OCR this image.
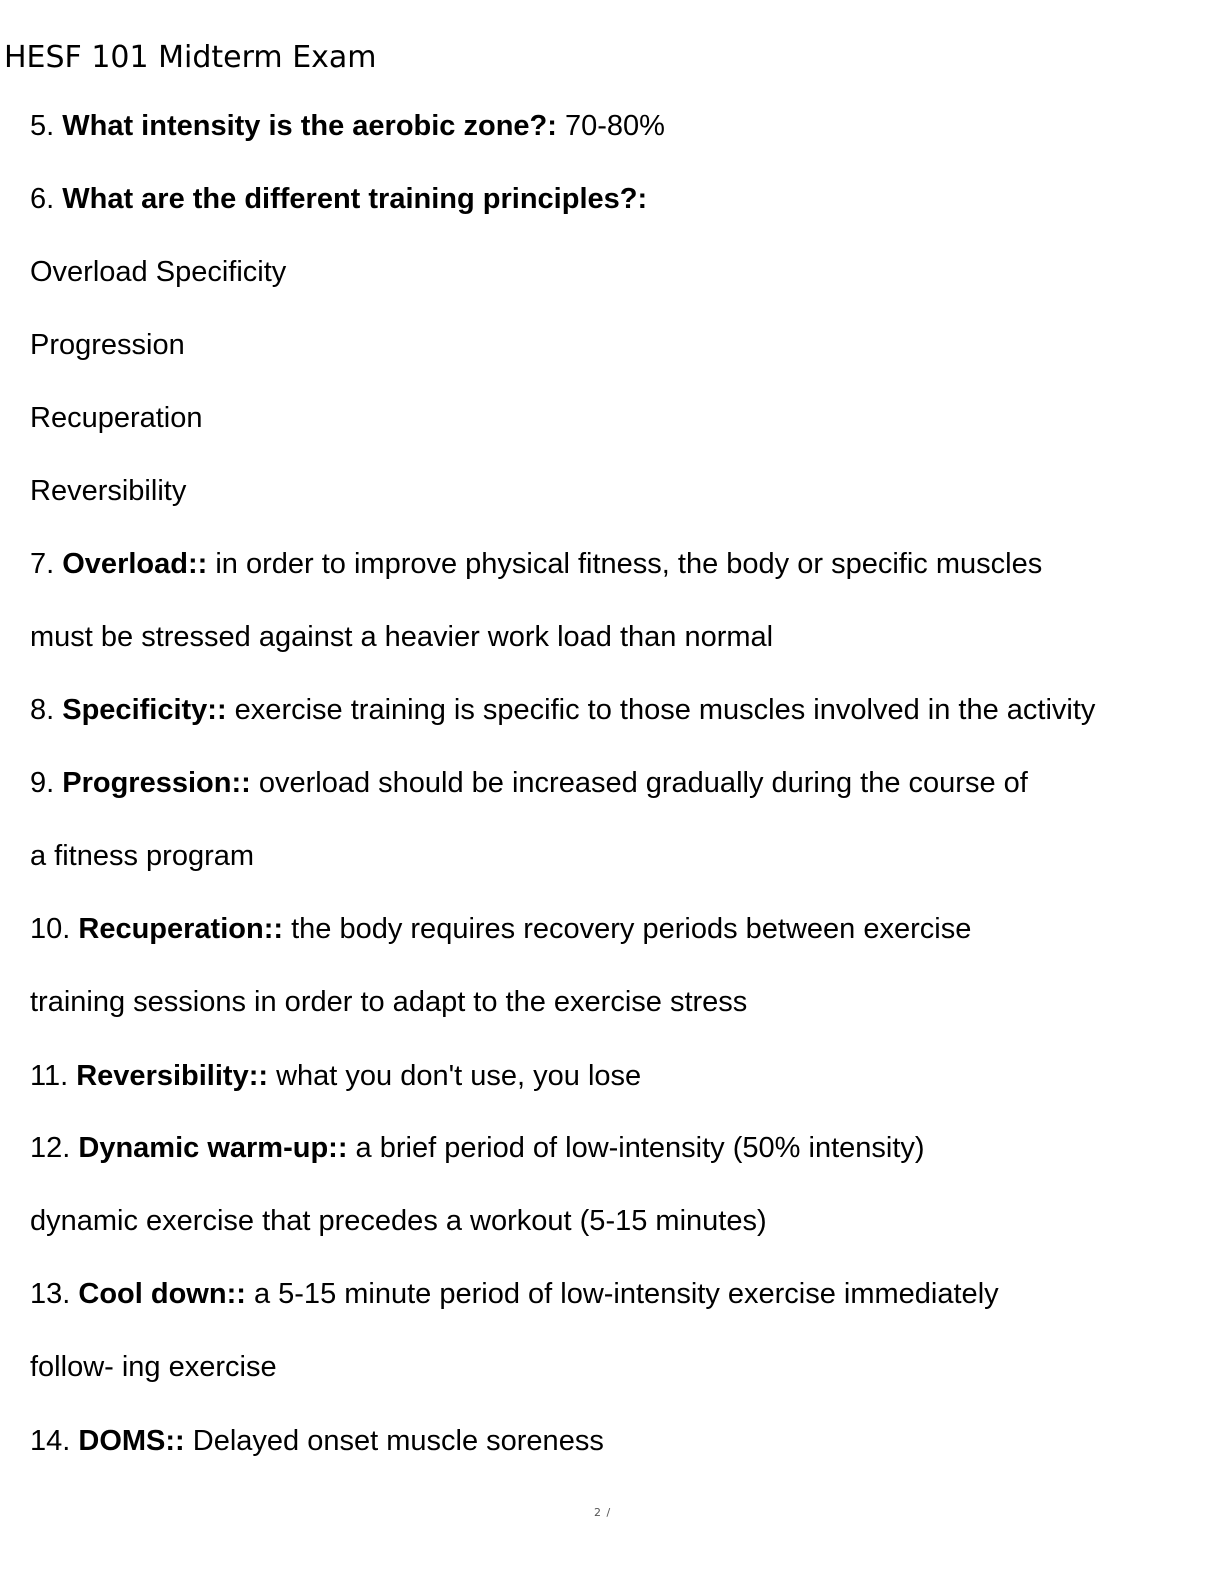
HESF 101 Midterm Exam
5. What intensity is the aerobic zone?: 70-80%
6. What are the different training principles?:
Overload Specificity
Progression
Recuperation
Reversibility
7. Overload:: in order to improve physical fitness, the body or specific muscles
must be stressed against a heavier work load than normal
8. Specificity:: exercise training is specific to those muscles involved in the activity
9. Progression:: overload should be increased gradually during the course of
a fitness program
10. Recuperation:: the body requires recovery periods between exercise
training sessions in order to adapt to the exercise stress
11. Reversibility:: what you don't use, you lose
12. Dynamic warm-up:: a brief period of low-intensity (50% intensity)
dynamic exercise that precedes a workout (5-15 minutes)
13. Cool down:: a 5-15 minute period of low-intensity exercise immediately
follow- ing exercise
14. DOMS:: Delayed onset muscle soreness
2 /
